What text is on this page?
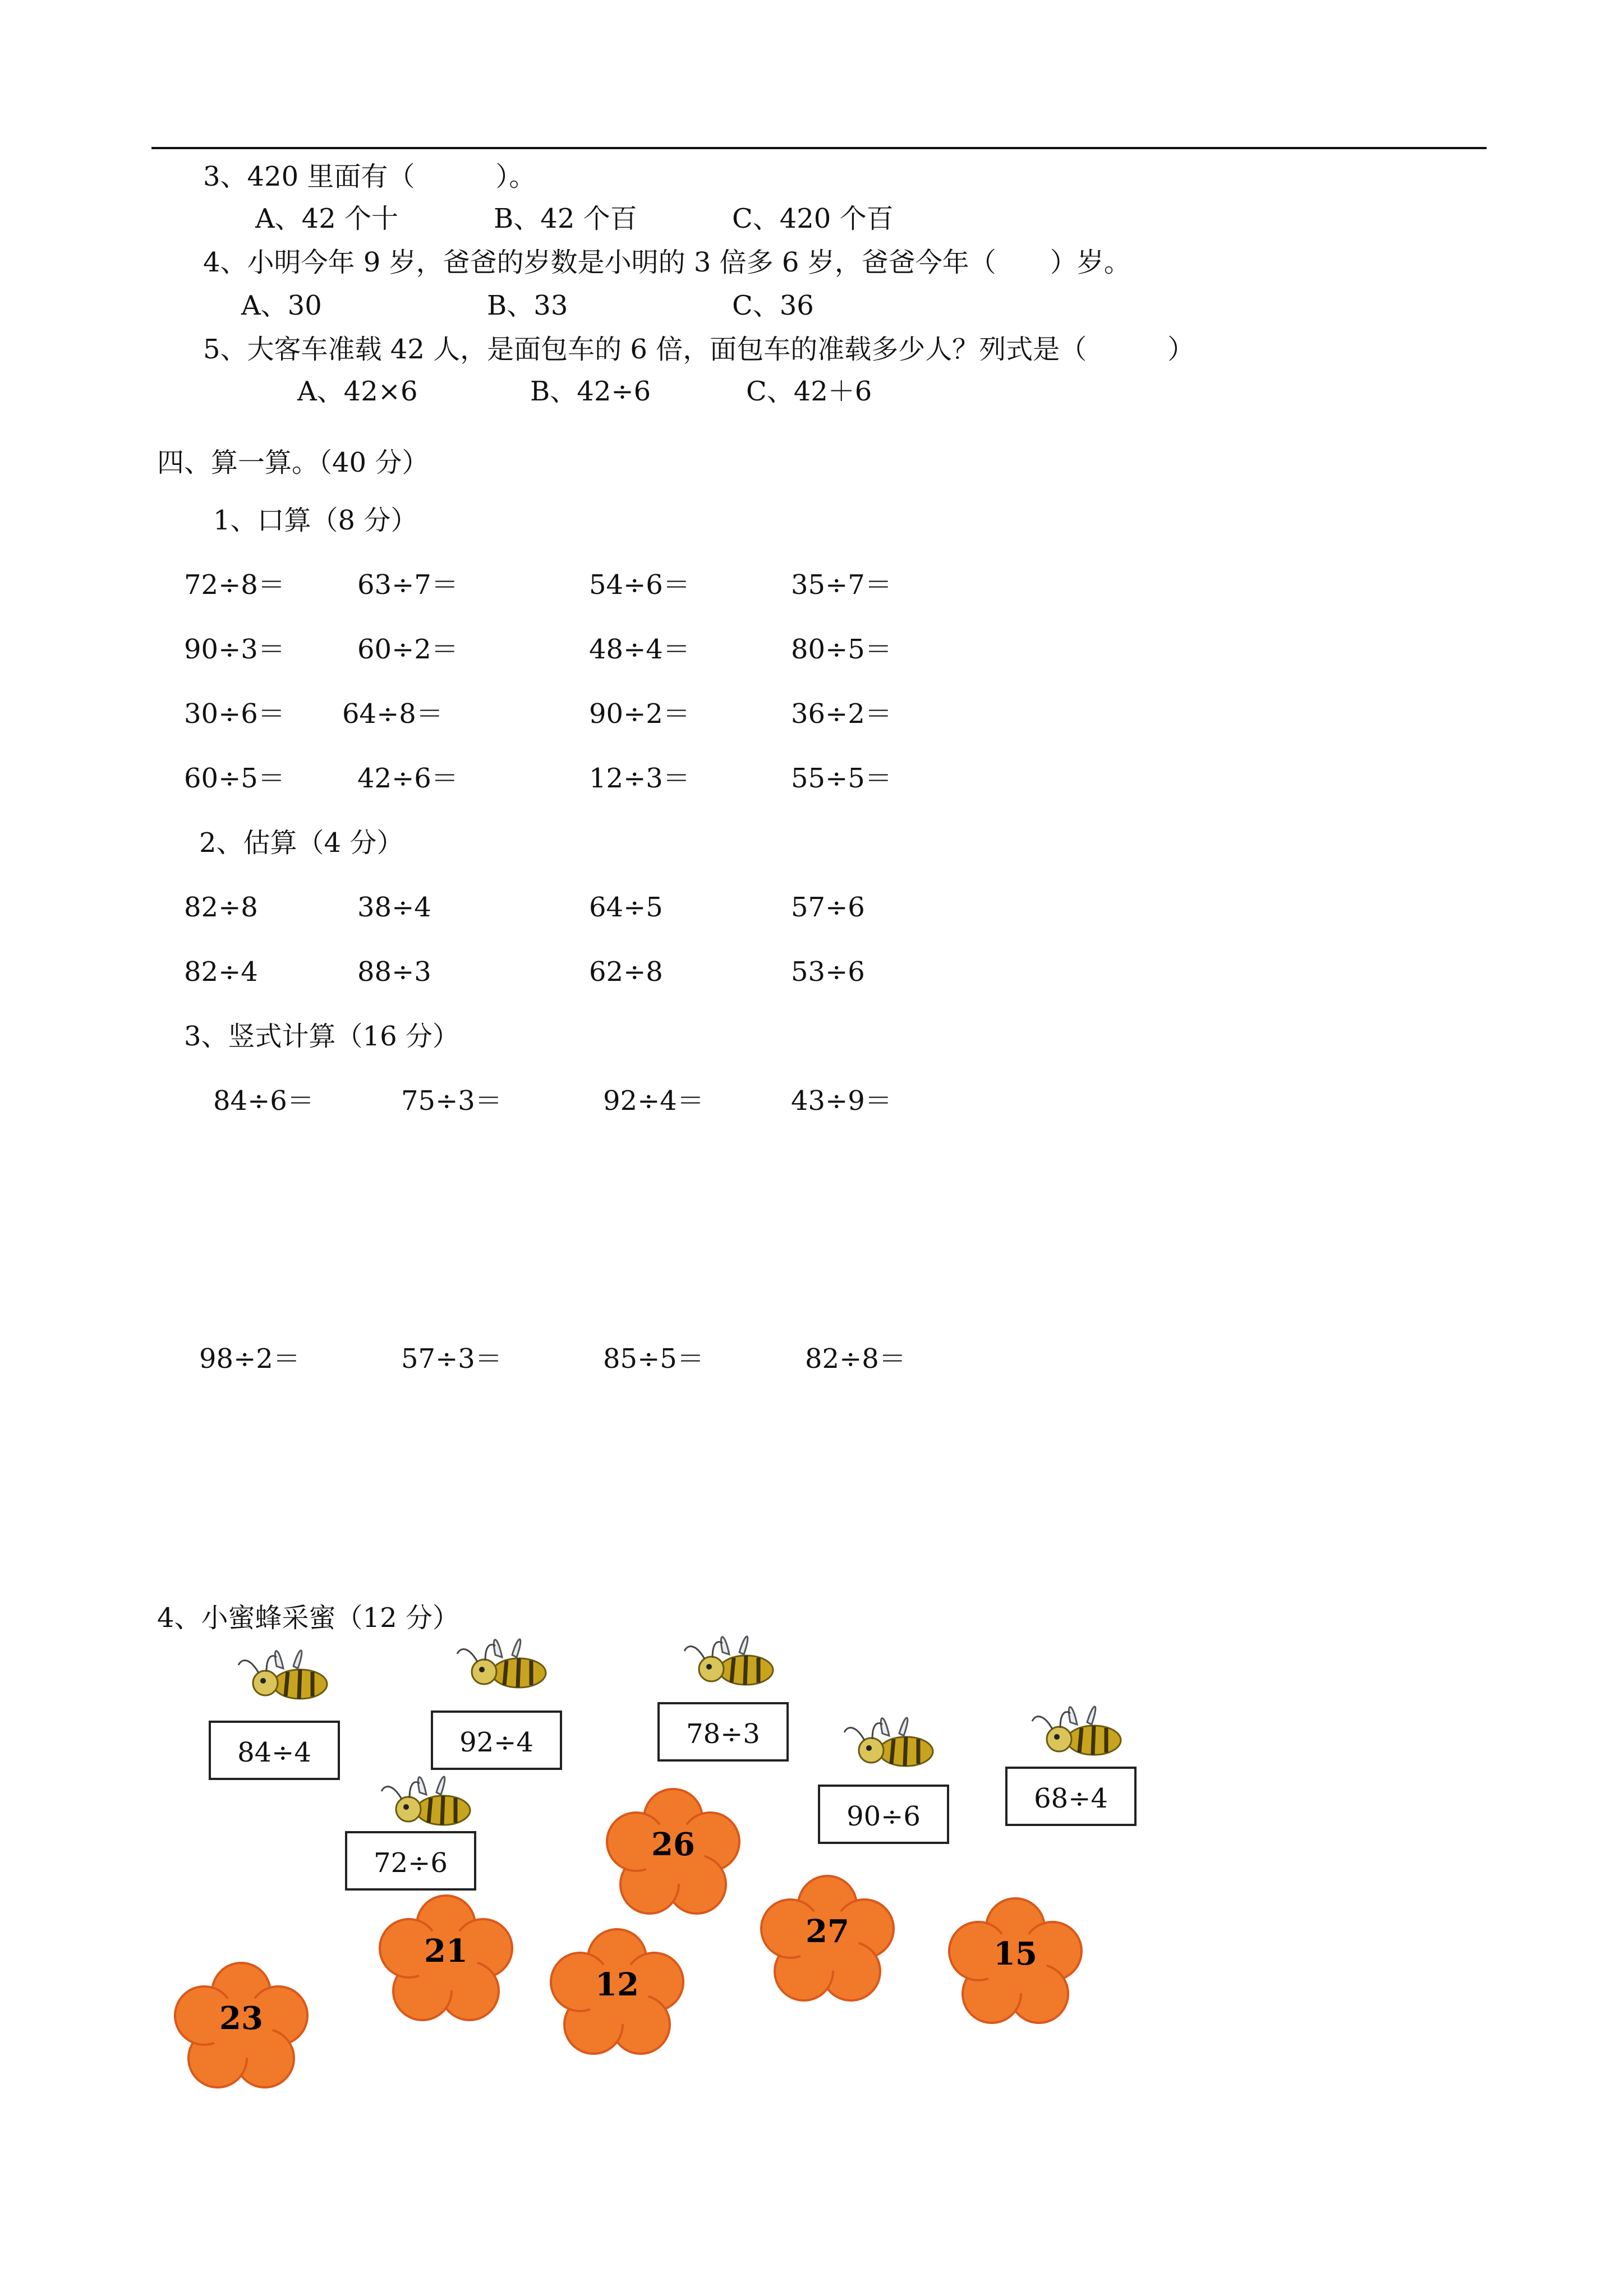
3、420 里面有（　　　）。
A、42 个十	B、42 个百	C、420 个百
4、小明今年 9 岁，爸爸的岁数是小明的 3 倍多 6 岁，爸爸今年（　　）岁。
A、30	B、33	C、36
5、大客车准载 42 人，是面包车的 6 倍，面包车的准载多少人？列式是（　　　）
A、42×6	B、42÷6	C、42＋6
四、算一算。（40 分）
1、口算（8 分）
72÷8＝	63÷7＝	54÷6＝	35÷7＝
90÷3＝	60÷2＝	48÷4＝	80÷5＝
30÷6＝ 64÷8＝	90÷2＝	36÷2＝
60÷5＝	42÷6＝	12÷3＝	55÷5＝
2、估算（4 分）
82÷8	38÷4	64÷5	57÷6
82÷4	88÷3	62÷8	53÷6
3、竖式计算（16 分）
84÷6＝	75÷3＝	92÷4＝	43÷9＝
98÷2＝	57÷3＝	85÷5＝	82÷8＝
4、小蜜蜂采蜜（12 分）
84÷4	92÷4	78÷3
90÷6
68÷4
72÷6	26
21
27
15
12
23
